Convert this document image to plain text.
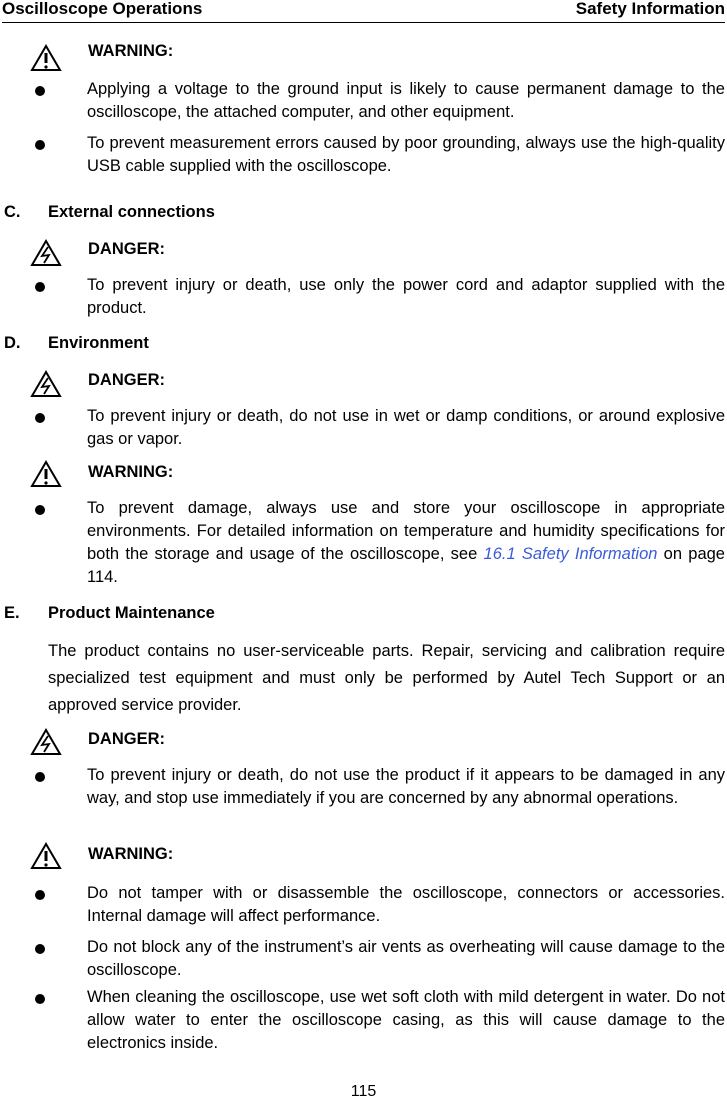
Oscilloscope Operations	Safety Information
WARNING:
Applying a voltage to the ground input is likely to cause permanent damage to the oscilloscope, the attached computer, and other equipment.
To prevent measurement errors caused by poor grounding, always use the high-quality USB cable supplied with the oscilloscope.
C. External connections
DANGER:
To prevent injury or death, use only the power cord and adaptor supplied with the product.
D. Environment
DANGER:
To prevent injury or death, do not use in wet or damp conditions, or around explosive gas or vapor.
WARNING:
To prevent damage, always use and store your oscilloscope in appropriate environments. For detailed information on temperature and humidity specifications for both the storage and usage of the oscilloscope, see 16.1 Safety Information on page 114.
E. Product Maintenance
The product contains no user-serviceable parts. Repair, servicing and calibration require specialized test equipment and must only be performed by Autel Tech Support or an approved service provider.
DANGER:
To prevent injury or death, do not use the product if it appears to be damaged in any way, and stop use immediately if you are concerned by any abnormal operations.
WARNING:
Do not tamper with or disassemble the oscilloscope, connectors or accessories. Internal damage will affect performance.
Do not block any of the instrument’s air vents as overheating will cause damage to the oscilloscope.
When cleaning the oscilloscope, use wet soft cloth with mild detergent in water. Do not allow water to enter the oscilloscope casing, as this will cause damage to the electronics inside.
115
